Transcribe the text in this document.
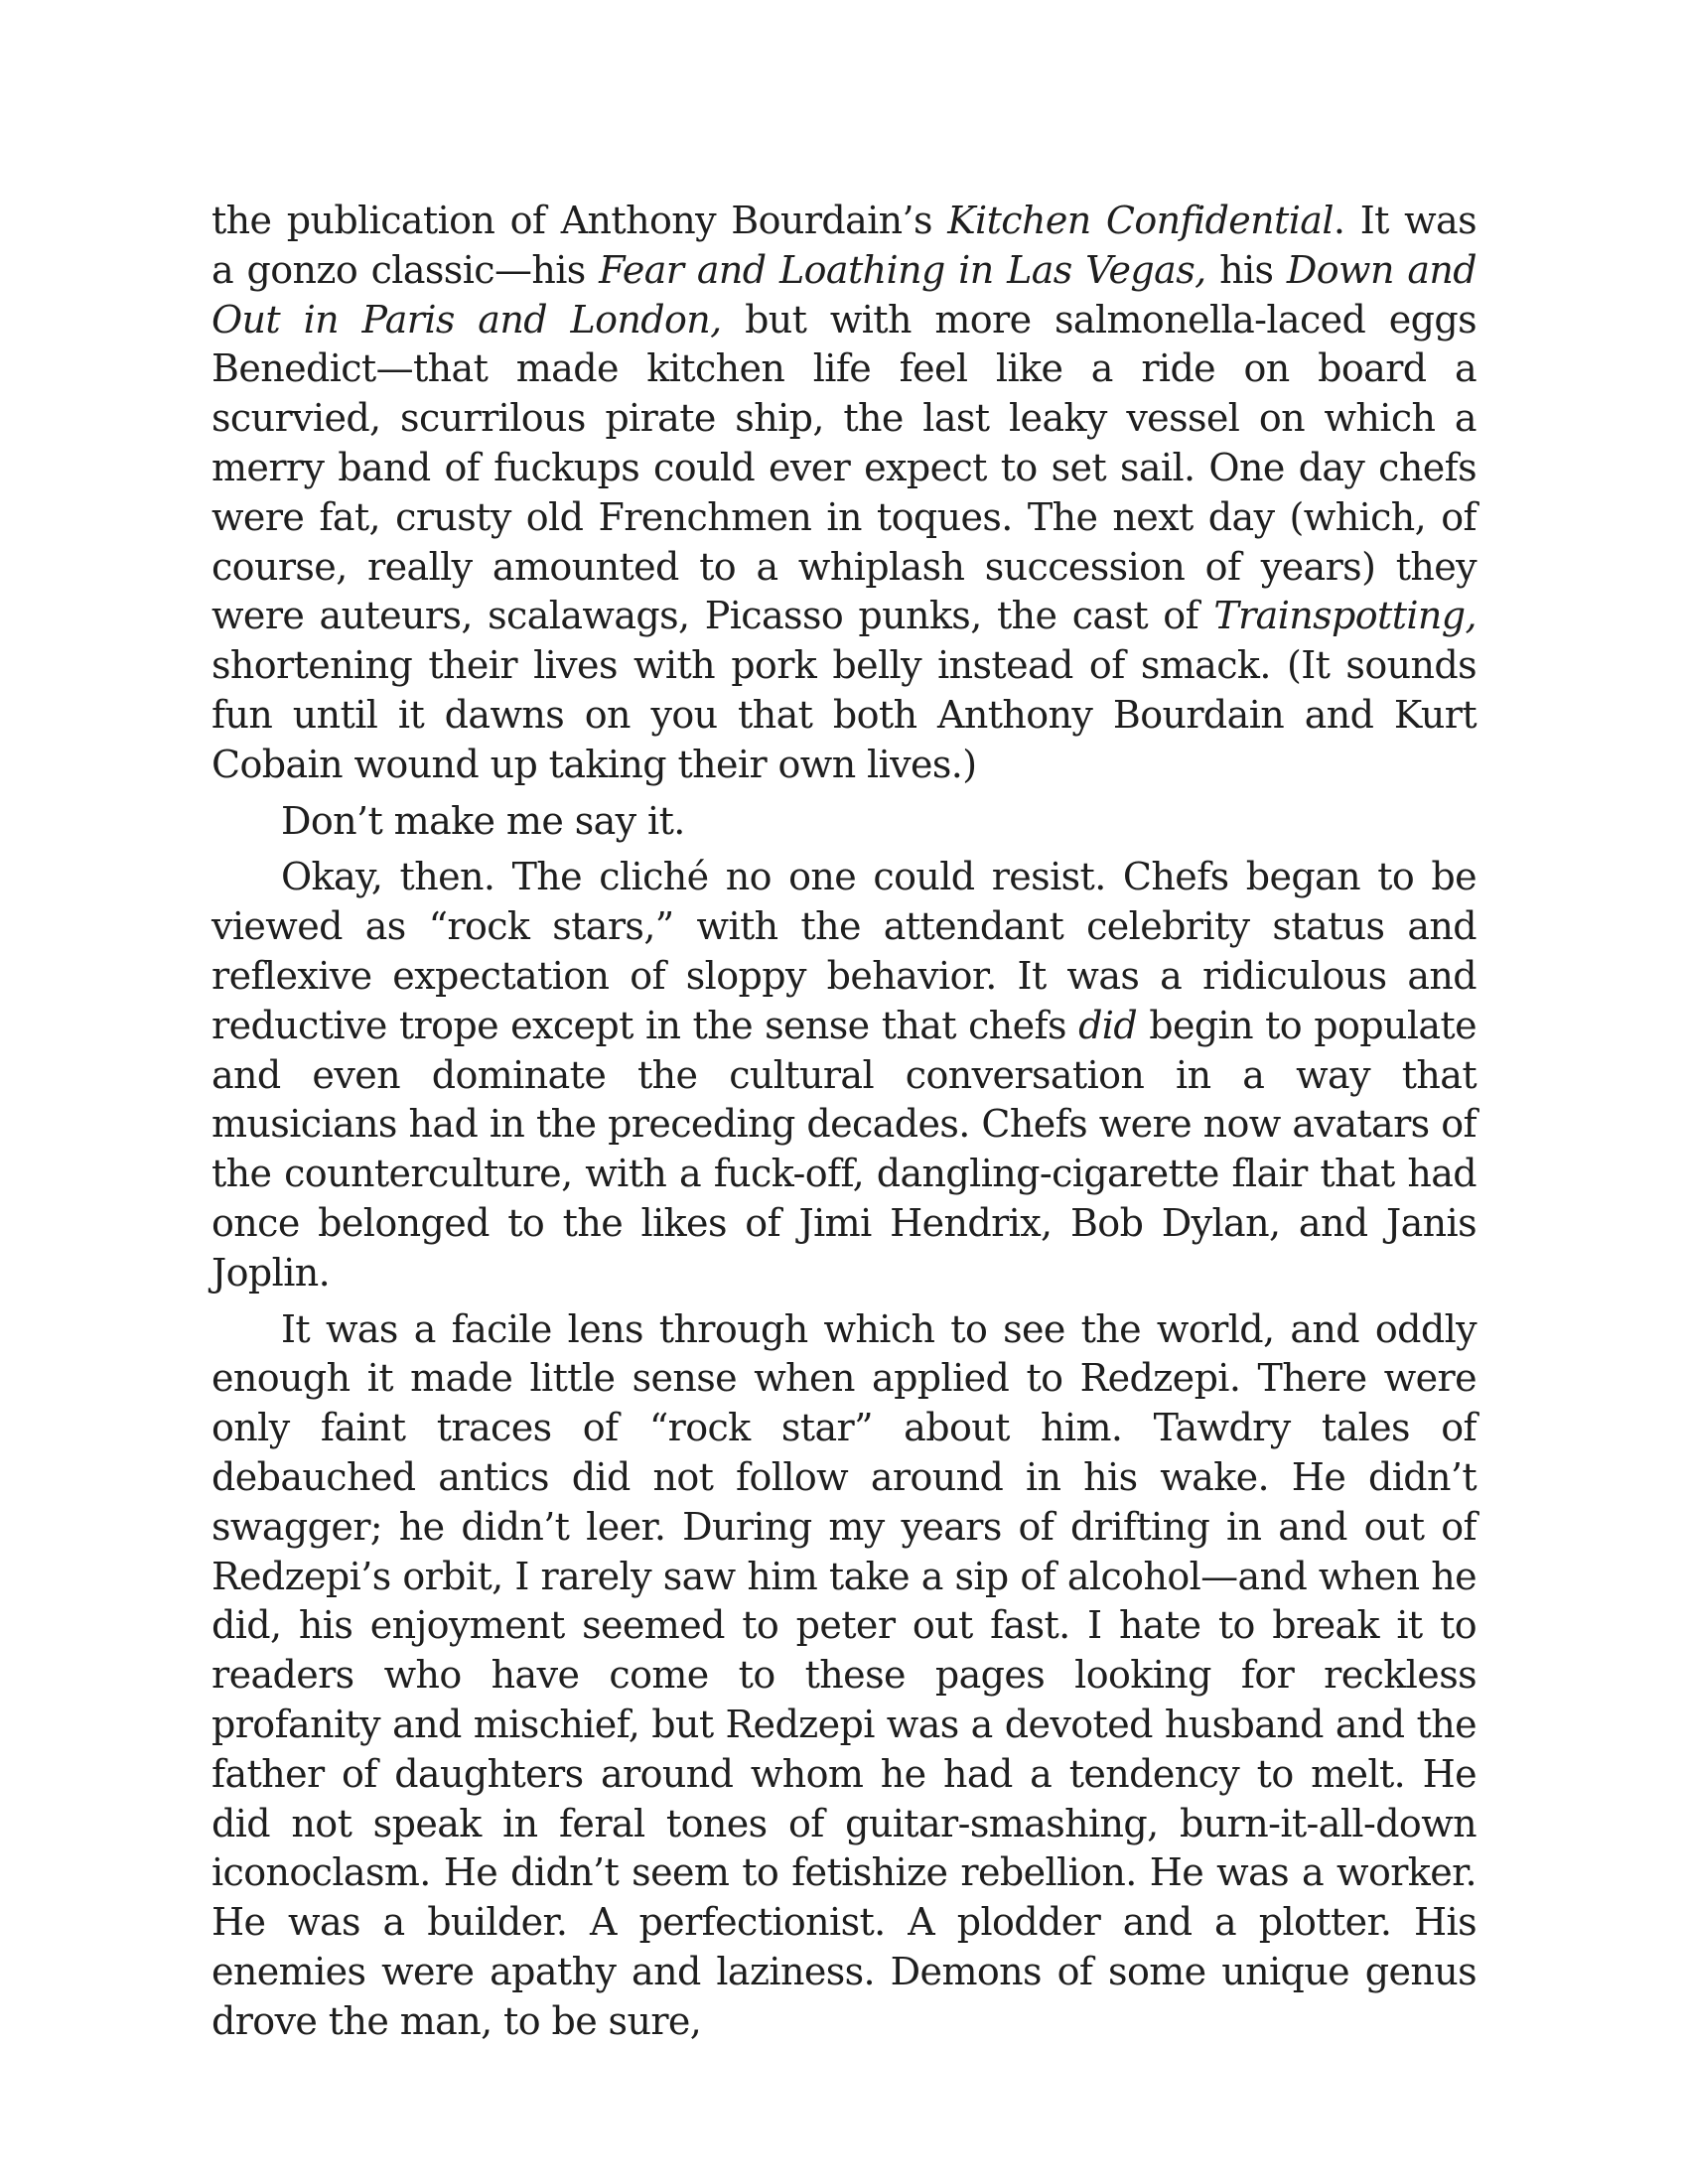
the publication of Anthony Bourdain’s Kitchen Confidential. It was a gonzo classic—his Fear and Loathing in Las Vegas, his Down and Out in Paris and London, but with more salmonella-laced eggs Benedict—that made kitchen life feel like a ride on board a scurvied, scurrilous pirate ship, the last leaky vessel on which a merry band of fuckups could ever expect to set sail. One day chefs were fat, crusty old Frenchmen in toques. The next day (which, of course, really amounted to a whiplash succession of years) they were auteurs, scalawags, Picasso punks, the cast of Trainspotting, shortening their lives with pork belly instead of smack. (It sounds fun until it dawns on you that both Anthony Bourdain and Kurt Cobain wound up taking their own lives.)

Don’t make me say it.

Okay, then. The cliché no one could resist. Chefs began to be viewed as “rock stars,” with the attendant celebrity status and reflexive expectation of sloppy behavior. It was a ridiculous and reductive trope except in the sense that chefs did begin to populate and even dominate the cultural conversation in a way that musicians had in the preceding decades. Chefs were now avatars of the counterculture, with a fuck-off, dangling-cigarette flair that had once belonged to the likes of Jimi Hendrix, Bob Dylan, and Janis Joplin.

It was a facile lens through which to see the world, and oddly enough it made little sense when applied to Redzepi. There were only faint traces of “rock star” about him. Tawdry tales of debauched antics did not follow around in his wake. He didn’t swagger; he didn’t leer. During my years of drifting in and out of Redzepi’s orbit, I rarely saw him take a sip of alcohol—and when he did, his enjoyment seemed to peter out fast. I hate to break it to readers who have come to these pages looking for reckless profanity and mischief, but Redzepi was a devoted husband and the father of daughters around whom he had a tendency to melt. He did not speak in feral tones of guitar-smashing, burn-it-all-down iconoclasm. He didn’t seem to fetishize rebellion. He was a worker. He was a builder. A perfectionist. A plodder and a plotter. His enemies were apathy and laziness. Demons of some unique genus drove the man, to be sure,
